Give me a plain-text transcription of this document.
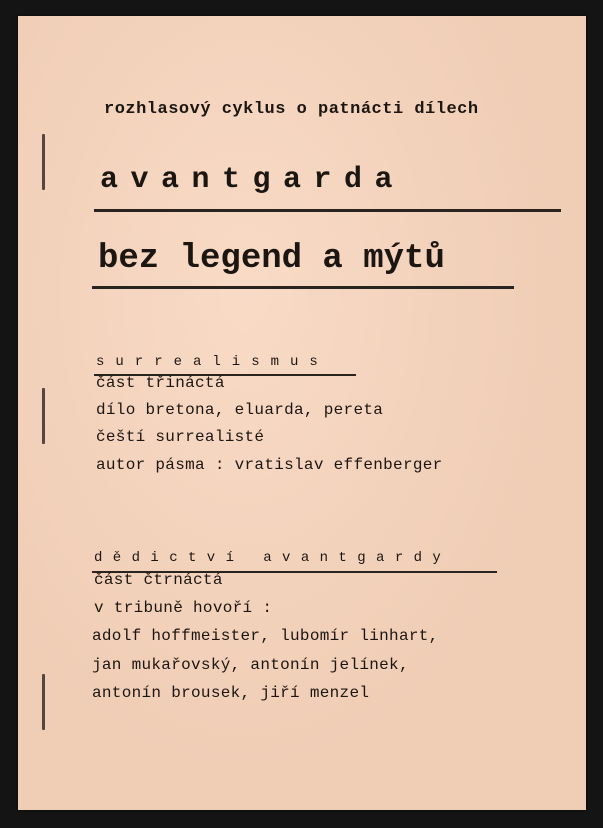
rozhlasový cyklus o patnácti dílech

avantgarda

bez legend a mýtů

surrealismus

část třináctá

dílo bretona, eluarda, pereta

čeští surrealisté

autor pásma : vratislav effenberger

dědictví avantgardy

část čtrnáctá

v tribuně hovoří :

adolf hoffmeister, lubomír linhart,

jan mukařovský, antonín jelínek,

antonín brousek, jiří menzel
